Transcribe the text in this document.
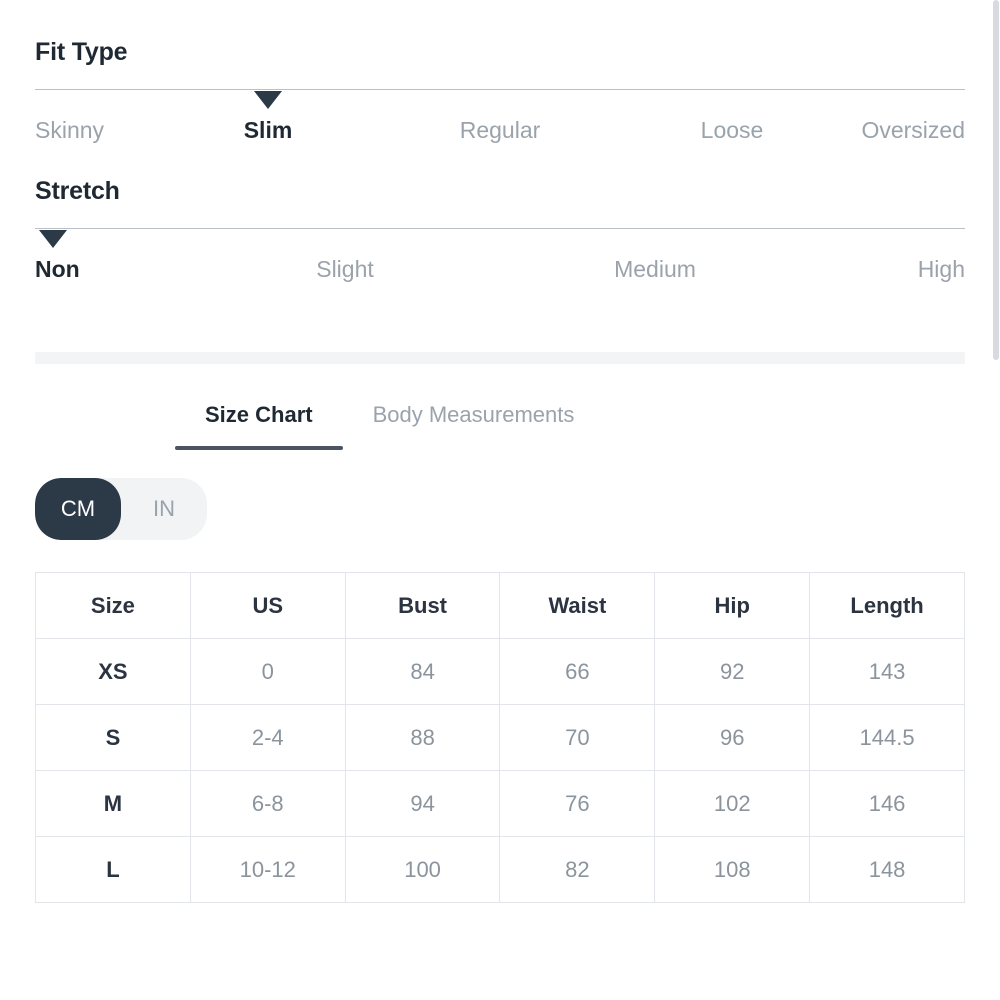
Fit Type
Skinny	Slim	Regular	Loose	Oversized
Stretch
Non	Slight	Medium	High
Size Chart	Body Measurements
CM	IN
Size	US	Bust	Waist	Hip	Length
XS	0	84	66	92	143
S	2-4	88	70	96	144.5
M	6-8	94	76	102	146
L	10-12	100	82	108	148
